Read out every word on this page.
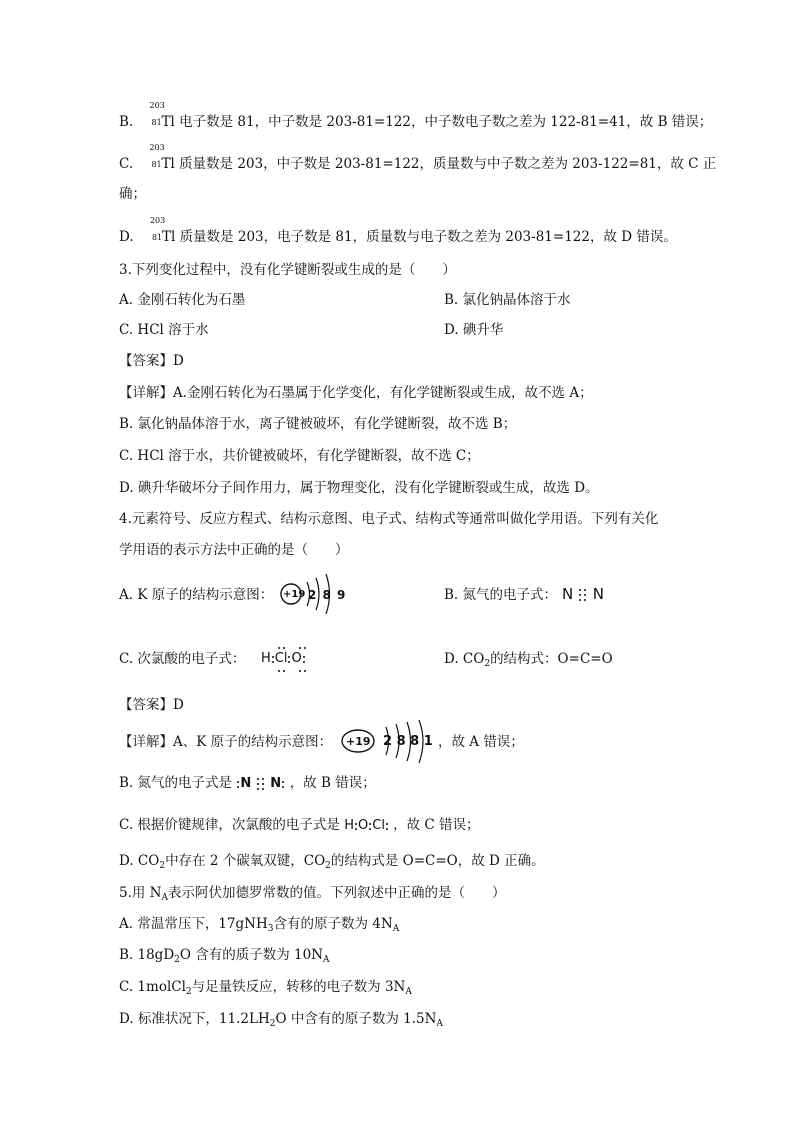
B.
203
81 Tl 电子数是 81，中子数是 203-81=122，中子数电子数之差为 122-81=41，故 B 错误；
C.
203
81 Tl 质量数是 203，中子数是 203-81=122，质量数与中子数之差为 203-122=81，故 C 正
确；
D.
203
81 Tl 质量数是 203，电子数是 81，质量数与电子数之差为 203-81=122，故 D 错误。
3.下列变化过程中，没有化学键断裂或生成的是（　　）
A. 金刚石转化为石墨	B. 氯化钠晶体溶于水
C. HCl 溶于水	D. 碘升华
【答案】D
【详解】A.金刚石转化为石墨属于化学变化，有化学键断裂或生成，故不选 A；
B. 氯化钠晶体溶于水，离子键被破坏，有化学键断裂，故不选 B；
C. HCl 溶于水，共价键被破坏，有化学键断裂，故不选 C；
D. 碘升华破坏分子间作用力，属于物理变化，没有化学键断裂或生成，故选 D。
4.元素符号、反应方程式、结构示意图、电子式、结构式等通常叫做化学用语。下列有关化
学用语的表示方法中正确的是（　　）
A. K 原子的结构示意图： +19 2 8 9	B. 氮气的电子式： N N
C. 次氯酸的电子式： H Cl O	D. $CO_2$的结构式：O=C=O
【答案】D
【详解】A、K 原子的结构示意图： +19 2 8 8 1 ，故 A 错误；
B. 氮气的电子式是 N N ，故 B 错误；
C. 根据价键规律，次氯酸的电子式是 H O Cl ，故 C 错误；
D. $CO_2$中存在 2 个碳氧双键，$CO_2$的结构式是 O=C=O，故 D 正确。
5.用 $N_A$表示阿伏加德罗常数的值。下列叙述中正确的是（　　）
A. 常温常压下，17gNH$_3$含有的原子数为 $4N_A$
B. $18gD_2O$ 含有的质子数为 $10N_A$
C. 1molCl$_2$与足量铁反应，转移的电子数为 $3N_A$
D. 标准状况下，$11.2LH_2O$ 中含有的原子数为 $1.5N_A$
